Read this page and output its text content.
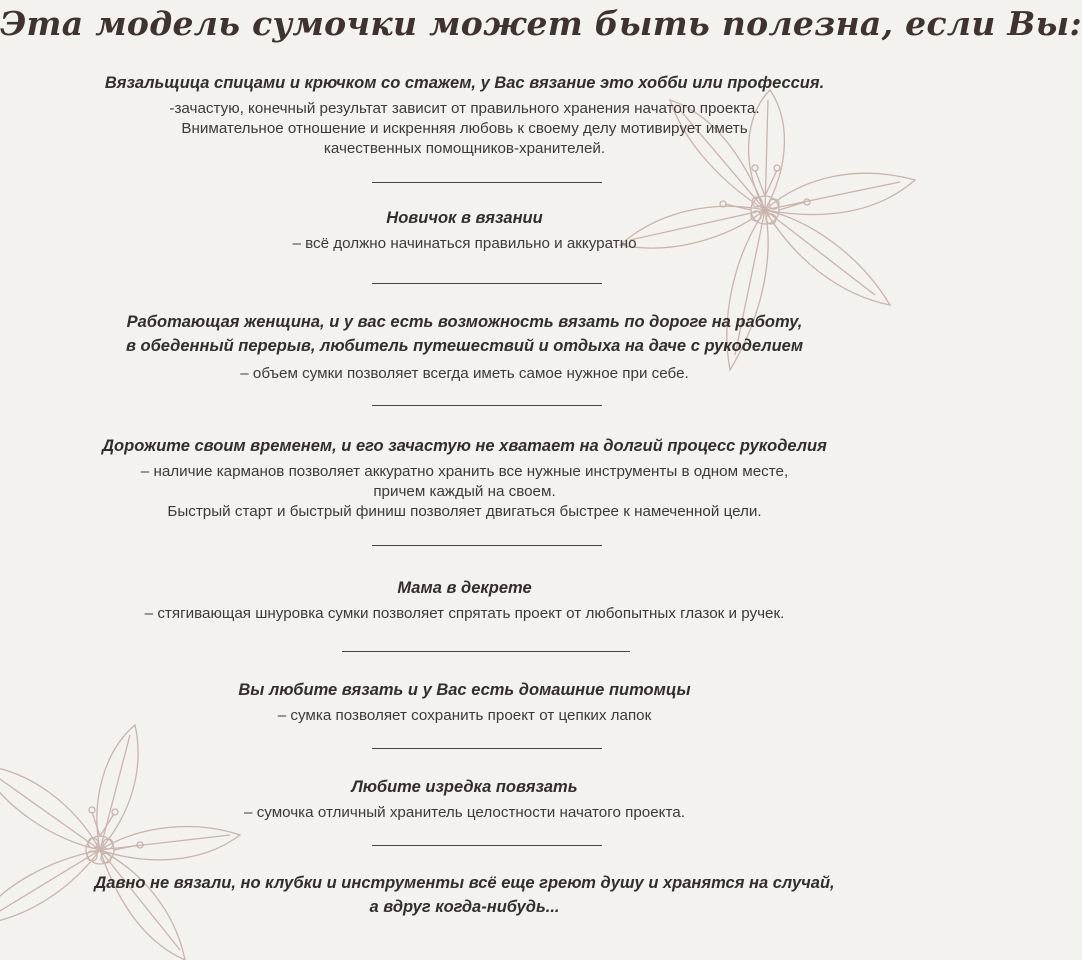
Эта модель сумочки может быть полезна, если Вы:
Вязальщица спицами и крючком со стажем, у Вас вязание это хобби или профессия.
-зачастую, конечный результат зависит от правильного хранения начатого проекта.
Внимательное отношение и искренняя любовь к своему делу мотивирует иметь
качественных помощников-хранителей.
Новичок в вязании
– всё должно начинаться правильно и аккуратно
Работающая женщина, и у вас есть возможность вязать по дороге на работу,
в обеденный перерыв, любитель путешествий и отдыха на даче с рукоделием
– объем сумки позволяет всегда иметь самое нужное при себе.
Дорожите своим временем, и его зачастую не хватает на долгий процесс рукоделия
– наличие карманов позволяет аккуратно хранить все нужные инструменты в одном месте,
причем каждый на своем.
Быстрый старт и быстрый финиш позволяет двигаться быстрее к намеченной цели.
Мама в декрете
– стягивающая шнуровка сумки позволяет спрятать проект от любопытных глазок и ручек.
Вы любите вязать и у Вас есть домашние питомцы
– сумка позволяет сохранить проект от цепких лапок
Любите изредка повязать
– сумочка отличный хранитель целостности начатого проекта.
Давно не вязали, но клубки и инструменты всё еще греют душу и хранятся на случай,
а вдруг когда-нибудь...
